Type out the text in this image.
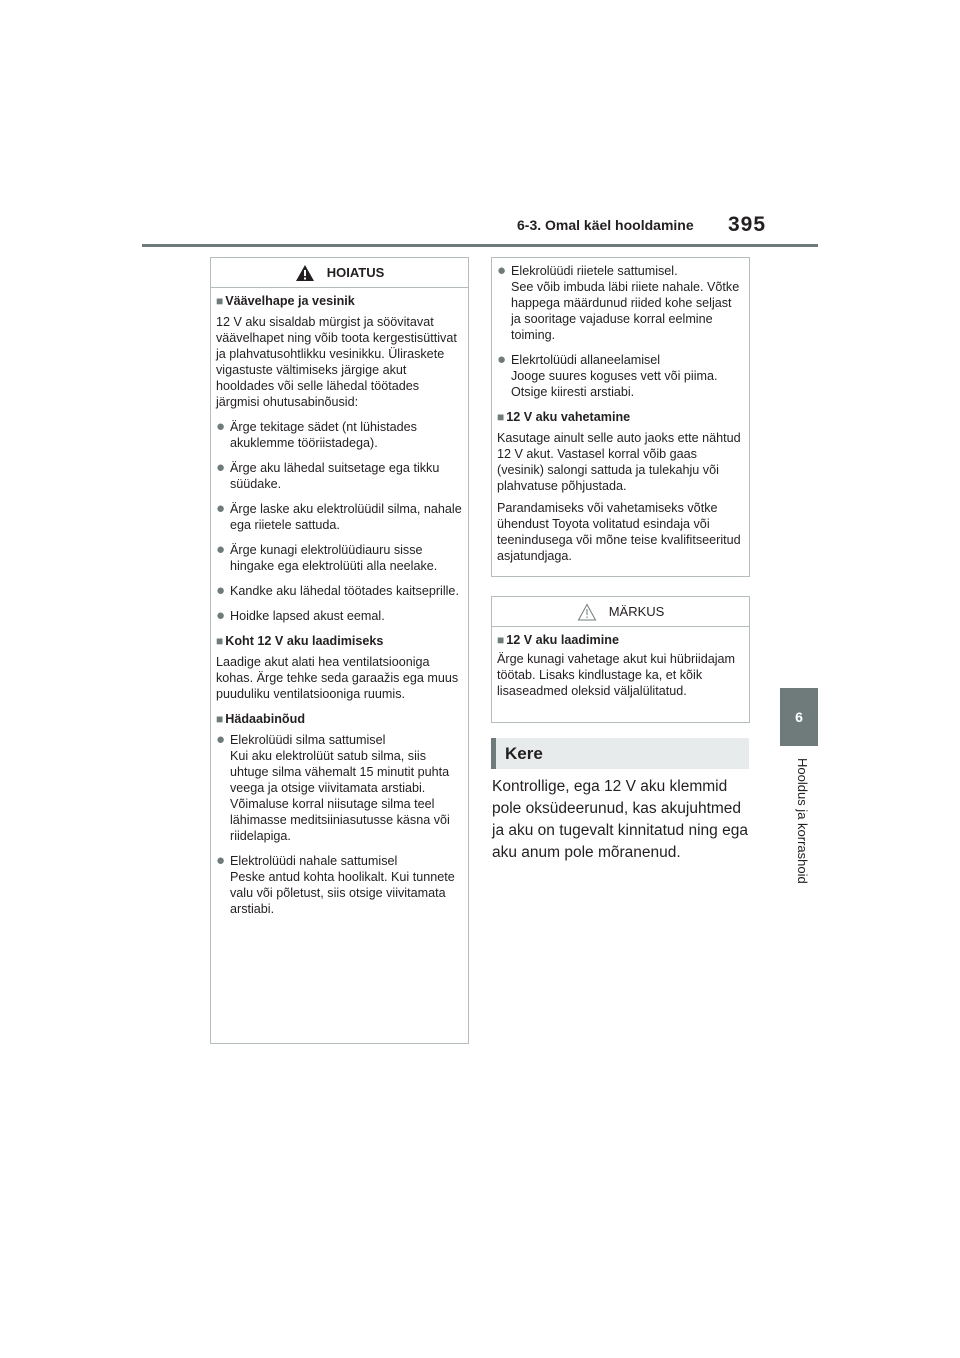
6-3. Omal käel hooldamine 395
6
Hooldus ja korrashoid
HOIATUS
■ Väävelhape ja vesinik
12 V aku sisaldab mürgist ja söövitavat väävelhapet ning võib toota kergestisüttivat ja plahvatusohtlikku vesinikku. Üliraskete vigastuste vältimiseks järgige akut hooldades või selle lähedal töötades järgmisi ohutusabinõusid:
● Ärge tekitage sädet (nt lühistades akuklemme tööriistadega).
● Ärge aku lähedal suitsetage ega tikku süüdake.
● Ärge laske aku elektrolüüdil silma, nahale ega riietele sattuda.
● Ärge kunagi elektrolüüdiauru sisse hingake ega elektrolüüti alla neelake.
● Kandke aku lähedal töötades kaitseprille.
● Hoidke lapsed akust eemal.
■ Koht 12 V aku laadimiseks
Laadige akut alati hea ventilatsiooniga kohas. Ärge tehke seda garaažis ega muus puuduliku ventilatsiooniga ruumis.
■ Hädaabinõud
● Elekrolüüdi silma sattumisel
Kui aku elektrolüüt satub silma, siis uhtuge silma vähemalt 15 minutit puhta veega ja otsige viivitamata arstiabi. Võimaluse korral niisutage silma teel lähimasse meditsiiniasutusse käsna või riidelapiga.
● Elektrolüüdi nahale sattumisel
Peske antud kohta hoolikalt. Kui tunnete valu või põletust, siis otsige viivitamata arstiabi.
● Elekrolüüdi riietele sattumisel.
See võib imbuda läbi riiete nahale. Võtke happega määrdunud riided kohe seljast ja sooritage vajaduse korral eelmine toiming.
● Elekrtolüüdi allaneelamisel
Jooge suures koguses vett või piima. Otsige kiiresti arstiabi.
■ 12 V aku vahetamine
Kasutage ainult selle auto jaoks ette nähtud 12 V akut. Vastasel korral võib gaas (vesinik) salongi sattuda ja tulekahju või plahvatuse põhjustada.
Parandamiseks või vahetamiseks võtke ühendust Toyota volitatud esindaja või teenindusega või mõne teise kvalifitseeritud asjatundjaga.
MÄRKUS
■ 12 V aku laadimine
Ärge kunagi vahetage akut kui hübriidajam töötab. Lisaks kindlustage ka, et kõik lisaseadmed oleksid väljalülitatud.
Kere
Kontrollige, ega 12 V aku klemmid pole oksüdeerunud, kas akujuhtmed ja aku on tugevalt kinnitatud ning ega aku anum pole mõranenud.
